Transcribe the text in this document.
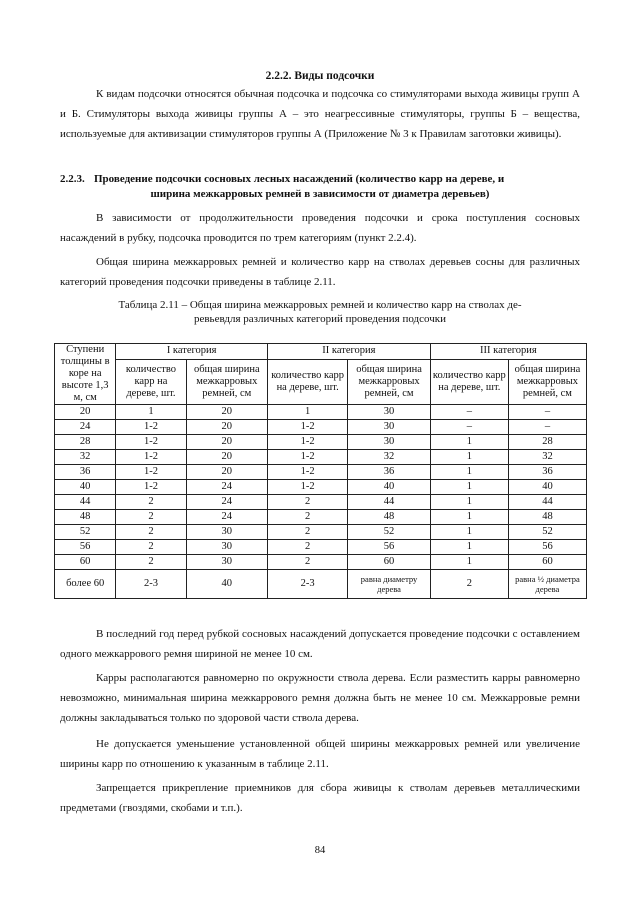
2.2.2. Виды подсочки

К видам подсочки относятся обычная подсочка и подсочка со стимуляторами выхода живицы групп А и Б. Стимуляторы выхода живицы группы А – это неагрессивные стимуляторы, группы Б – вещества, используемые для активизации стимуляторов группы А (Приложение № 3 к Правилам заготовки живицы).

2.2.3. Проведение подсочки сосновых лесных насаждений (количество карр на дереве, и
ширина межкарровых ремней в зависимости от диаметра деревьев)

В зависимости от продолжительности проведения подсочки и срока поступления сосновых насаждений в рубку, подсочка проводится по трем категориям (пункт 2.2.4).

Общая ширина межкарровых ремней и количество карр на стволах деревьев сосны для различных категорий проведения подсочки приведены в таблице 2.11.

Таблица 2.11 – Общая ширина межкарровых ремней и количество карр на стволах де-
ревьевдля различных категорий проведения подсочки
Ступени толщины в коре на высоте 1,3 м, см	I категория		II категория		III категория	
	количество карр на дереве, шт.	общая ширина межкарровых ремней, см	количество карр на дереве, шт.	общая ширина межкарровых ремней, см	количество карр на дереве, шт.	общая ширина межкарровых ремней, см
20	1	20	1	30	–	–
24	1-2	20	1-2	30	–	–
28	1-2	20	1-2	30	1	28
32	1-2	20	1-2	32	1	32
36	1-2	20	1-2	36	1	36
40	1-2	24	1-2	40	1	40
44	2	24	2	44	1	44
48	2	24	2	48	1	48
52	2	30	2	52	1	52
56	2	30	2	56	1	56
60	2	30	2	60	1	60
более 60	2-3	40	2-3	равна диаметру дерева	2	равна ½ диаметра дерева

В последний год перед рубкой сосновых насаждений допускается проведение подсочки с оставлением одного межкаррового ремня шириной не менее 10 см.

Карры располагаются равномерно по окружности ствола дерева. Если разместить карры равномерно невозможно, минимальная ширина межкаррового ремня должна быть не менее 10 см. Межкарровые ремни должны закладываться только по здоровой части ствола дерева.

Не допускается уменьшение установленной общей ширины межкарровых ремней или увеличение ширины карр по отношению к указанным в таблице 2.11.

Запрещается прикрепление приемников для сбора живицы к стволам деревьев металлическими предметами (гвоздями, скобами и т.п.).

84
